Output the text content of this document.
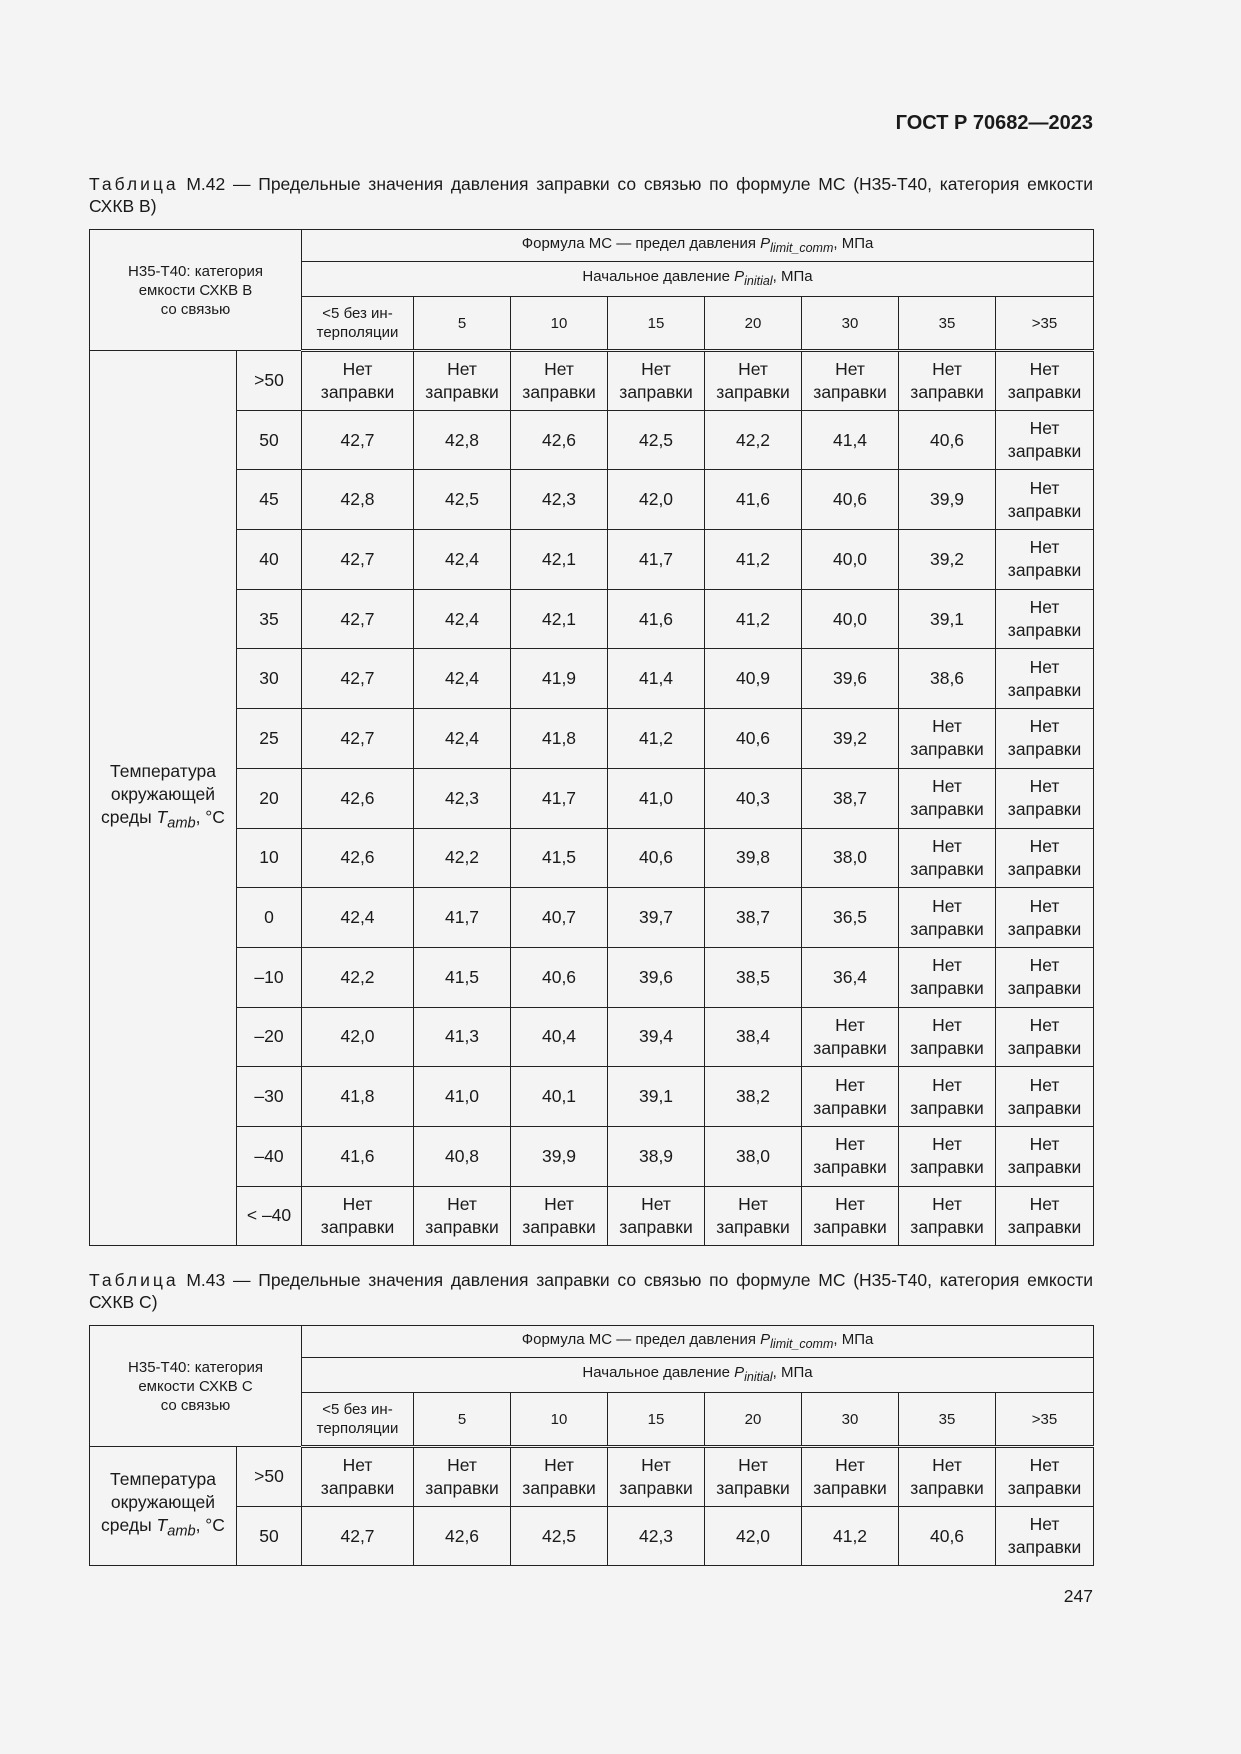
ГОСТ Р 70682—2023
Таблица М.42 — Предельные значения давления заправки со связью по формуле МС (Н35-Т40, категория емкости СХКВ В)
Н35-Т40: категория
емкости СХКВ В
со связью		Формула МС — предел давления $P_{limit\_comm}$, МПа							

		Начальное давление $P_{initial}$, МПа							

		<5 без ин-
терполяции	5	10	15	20	30	35	>35

Температура
окружающей
среды $T_{amb}$, °C	>50	Нет
заправки	Нет
заправки	Нет
заправки	Нет
заправки	Нет
заправки	Нет
заправки	Нет
заправки	Нет
заправки

	50	42,7	42,8	42,6	42,5	42,2	41,4	40,6	Нет
заправки

	45	42,8	42,5	42,3	42,0	41,6	40,6	39,9	Нет
заправки

	40	42,7	42,4	42,1	41,7	41,2	40,0	39,2	Нет
заправки

	35	42,7	42,4	42,1	41,6	41,2	40,0	39,1	Нет
заправки

	30	42,7	42,4	41,9	41,4	40,9	39,6	38,6	Нет
заправки

	25	42,7	42,4	41,8	41,2	40,6	39,2	Нет
заправки	Нет
заправки

	20	42,6	42,3	41,7	41,0	40,3	38,7	Нет
заправки	Нет
заправки

	10	42,6	42,2	41,5	40,6	39,8	38,0	Нет
заправки	Нет
заправки

	0	42,4	41,7	40,7	39,7	38,7	36,5	Нет
заправки	Нет
заправки

	–10	42,2	41,5	40,6	39,6	38,5	36,4	Нет
заправки	Нет
заправки

	–20	42,0	41,3	40,4	39,4	38,4	Нет
заправки	Нет
заправки	Нет
заправки

	–30	41,8	41,0	40,1	39,1	38,2	Нет
заправки	Нет
заправки	Нет
заправки

	–40	41,6	40,8	39,9	38,9	38,0	Нет
заправки	Нет
заправки	Нет
заправки

	< –40	Нет
заправки	Нет
заправки	Нет
заправки	Нет
заправки	Нет
заправки	Нет
заправки	Нет
заправки	Нет
заправки
Таблица М.43 — Предельные значения давления заправки со связью по формуле МС (Н35-Т40, категория емкости СХКВ С)
Н35-Т40: категория
емкости СХКВ С
со связью		Формула МС — предел давления $P_{limit\_comm}$, МПа							

		Начальное давление $P_{initial}$, МПа							

		<5 без ин-
терполяции	5	10	15	20	30	35	>35

Температура
окружающей
среды $T_{amb}$, °C	>50	Нет
заправки	Нет
заправки	Нет
заправки	Нет
заправки	Нет
заправки	Нет
заправки	Нет
заправки	Нет
заправки

	50	42,7	42,6	42,5	42,3	42,0	41,2	40,6	Нет
заправки
247
